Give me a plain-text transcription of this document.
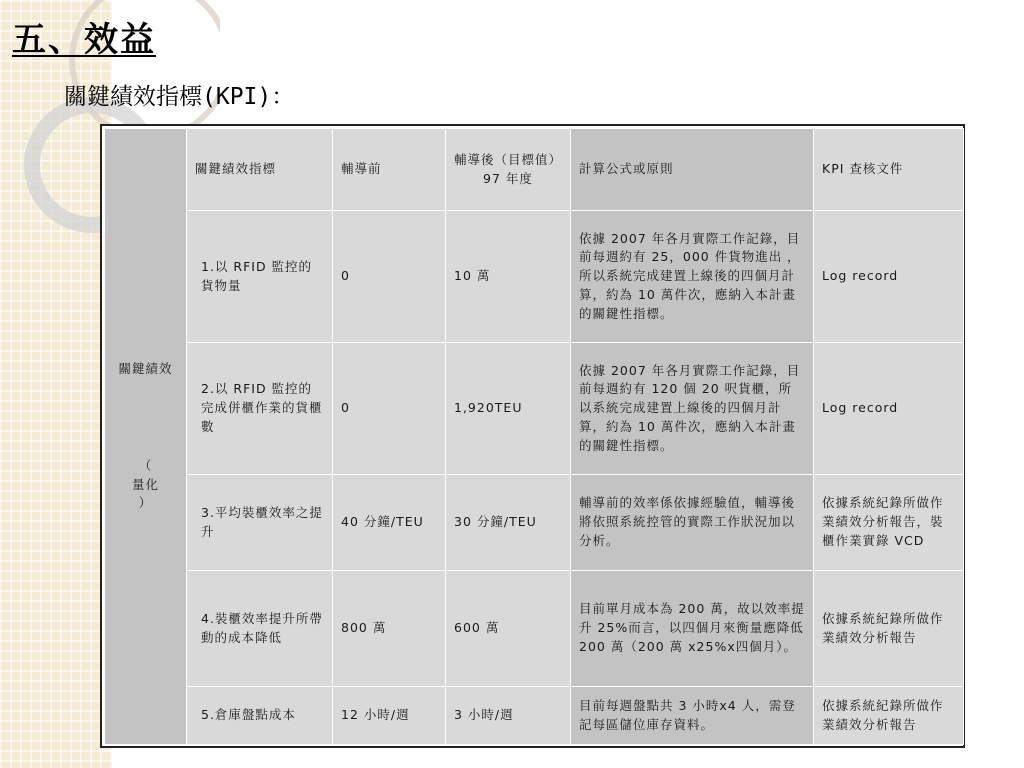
五、效益

關鍵績效指標(KPI)：

關鍵績效
（
量化
）	關鍵績效指標	輔導前	輔導後（目標值）97 年度	計算公式或原則	KPI 查核文件
	1.以 RFID 監控的貨物量	0	10 萬	依據 2007 年各月實際工作記錄，目前每週約有 25，000 件貨物進出 ，所以系統完成建置上線後的四個月計算，約為 10 萬件次，應納入本計畫的關鍵性指標。	Log record
	2.以 RFID 監控的完成併櫃作業的貨櫃數	0	1,920TEU	依據 2007 年各月實際工作記錄，目前每週約有 120 個 20 呎貨櫃，所以系統完成建置上線後的四個月計算，約為 10 萬件次，應納入本計畫的關鍵性指標。	Log record
	3.平均裝櫃效率之提升	40 分鐘/TEU	30 分鐘/TEU	輔導前的效率係依據經驗值，輔導後將依照系統控管的實際工作狀況加以分析。	依據系統紀錄所做作業績效分析報告，裝櫃作業實錄 VCD
	4.裝櫃效率提升所帶動的成本降低	800 萬	600 萬	目前單月成本為 200 萬，故以效率提升 25%而言，以四個月來衡量應降低 200 萬（200 萬 x25%x四個月）。	依據系統紀錄所做作業績效分析報告
	5.倉庫盤點成本	12 小時/週	3 小時/週	目前每週盤點共 3 小時x4 人，需登記每區儲位庫存資料。	依據系統紀錄所做作業績效分析報告
